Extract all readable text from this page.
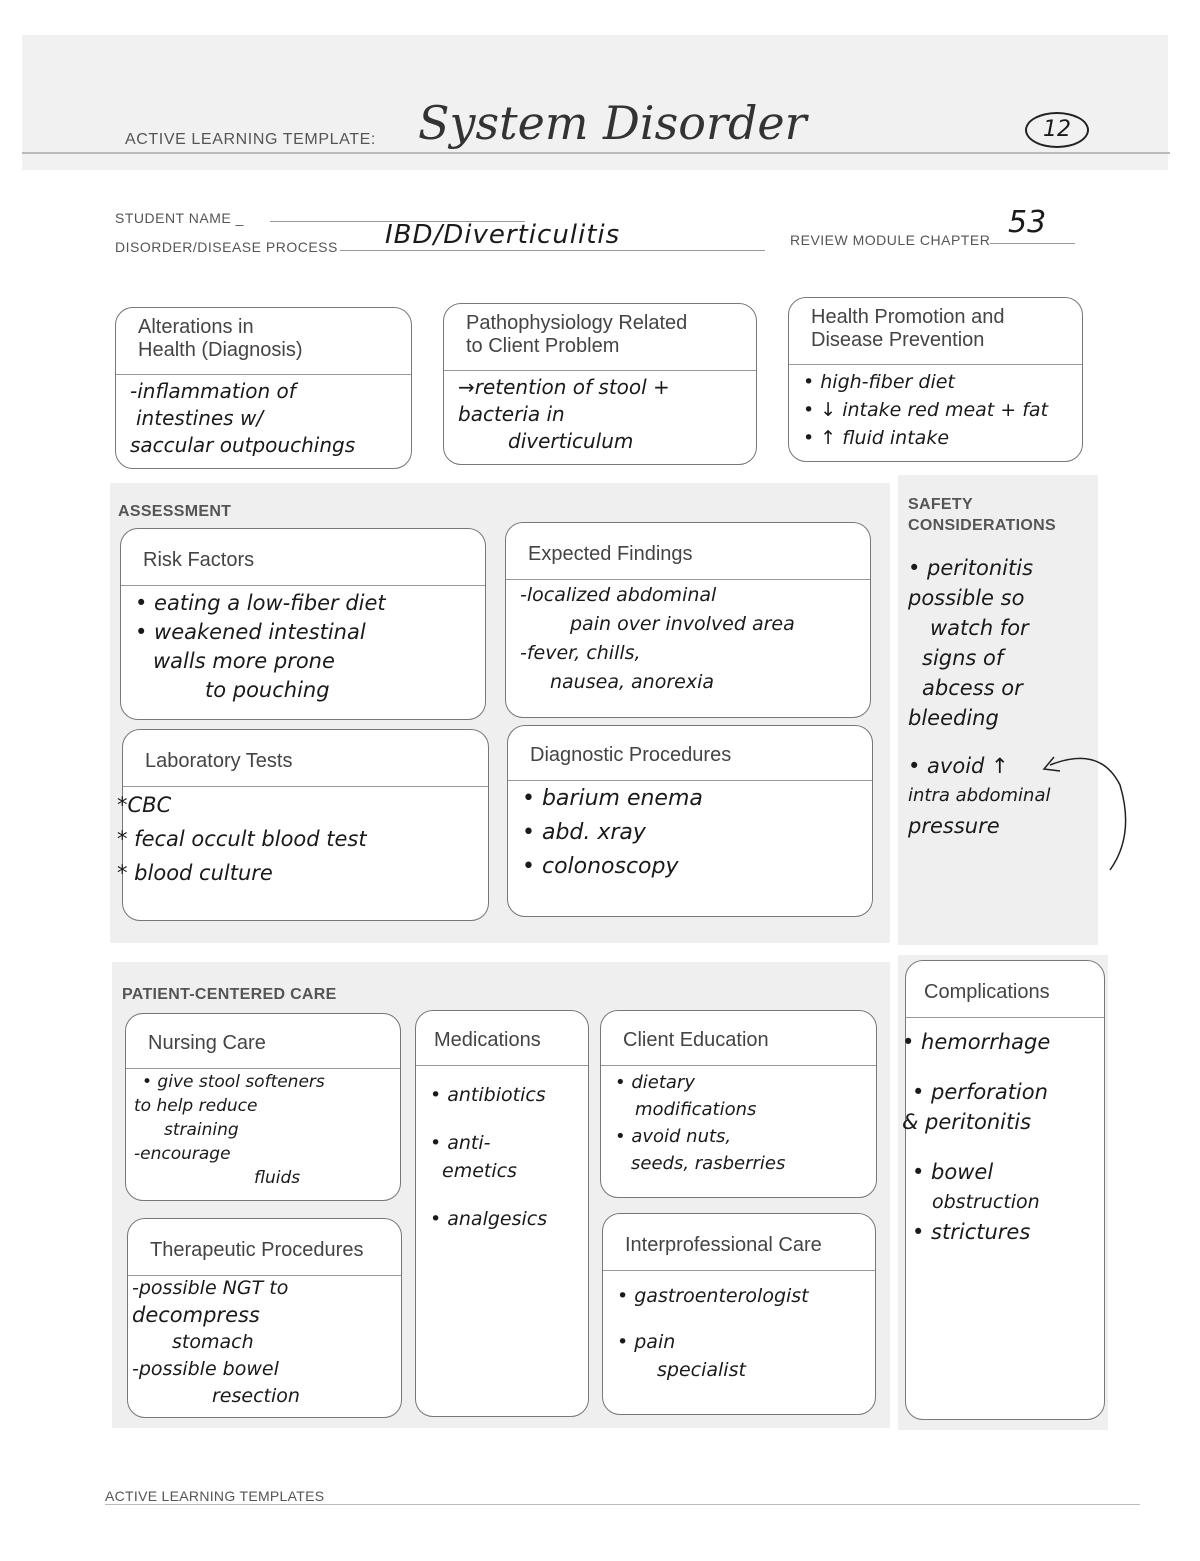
ACTIVE LEARNING TEMPLATE: System Disorder	12
STUDENT NAME _
DISORDER/DISEASE PROCESS IBD/Diverticulitis	REVIEW MODULE CHAPTER 53
Alterations in
Health (Diagnosis)
-inflammation of
intestines w/
saccular outpouchings
Pathophysiology Related
to Client Problem
→retention of stool +
bacteria in
diverticulum
Health Promotion and
Disease Prevention
• high-fiber diet
• ↓ intake red meat + fat
• ↑ fluid intake
ASSESSMENT
Risk Factors
• eating a low-fiber diet
• weakened intestinal
walls more prone
to pouching
Expected Findings
-localized abdominal
pain over involved area
-fever, chills,
nausea, anorexia
Laboratory Tests
*CBC
* fecal occult blood test
* blood culture
Diagnostic Procedures
• barium enema
• abd. xray
• colonoscopy
SAFETY
CONSIDERATIONS
• peritonitis
possible so
watch for
signs of
abcess or
bleeding
• avoid ↑
intra abdominal
pressure
PATIENT-CENTERED CARE
Nursing Care
• give stool softeners
to help reduce
straining
-encourage
fluids
Medications
• antibiotics
• anti-
emetics
• analgesics
Client Education
• dietary
modifications
• avoid nuts,
seeds, rasberries
Therapeutic Procedures
-possible NGT to
decompress
stomach
-possible bowel
resection
Interprofessional Care
• gastroenterologist
• pain
specialist
Complications
• hemorrhage
• perforation
& peritonitis
• bowel
obstruction
• strictures
ACTIVE LEARNING TEMPLATES
